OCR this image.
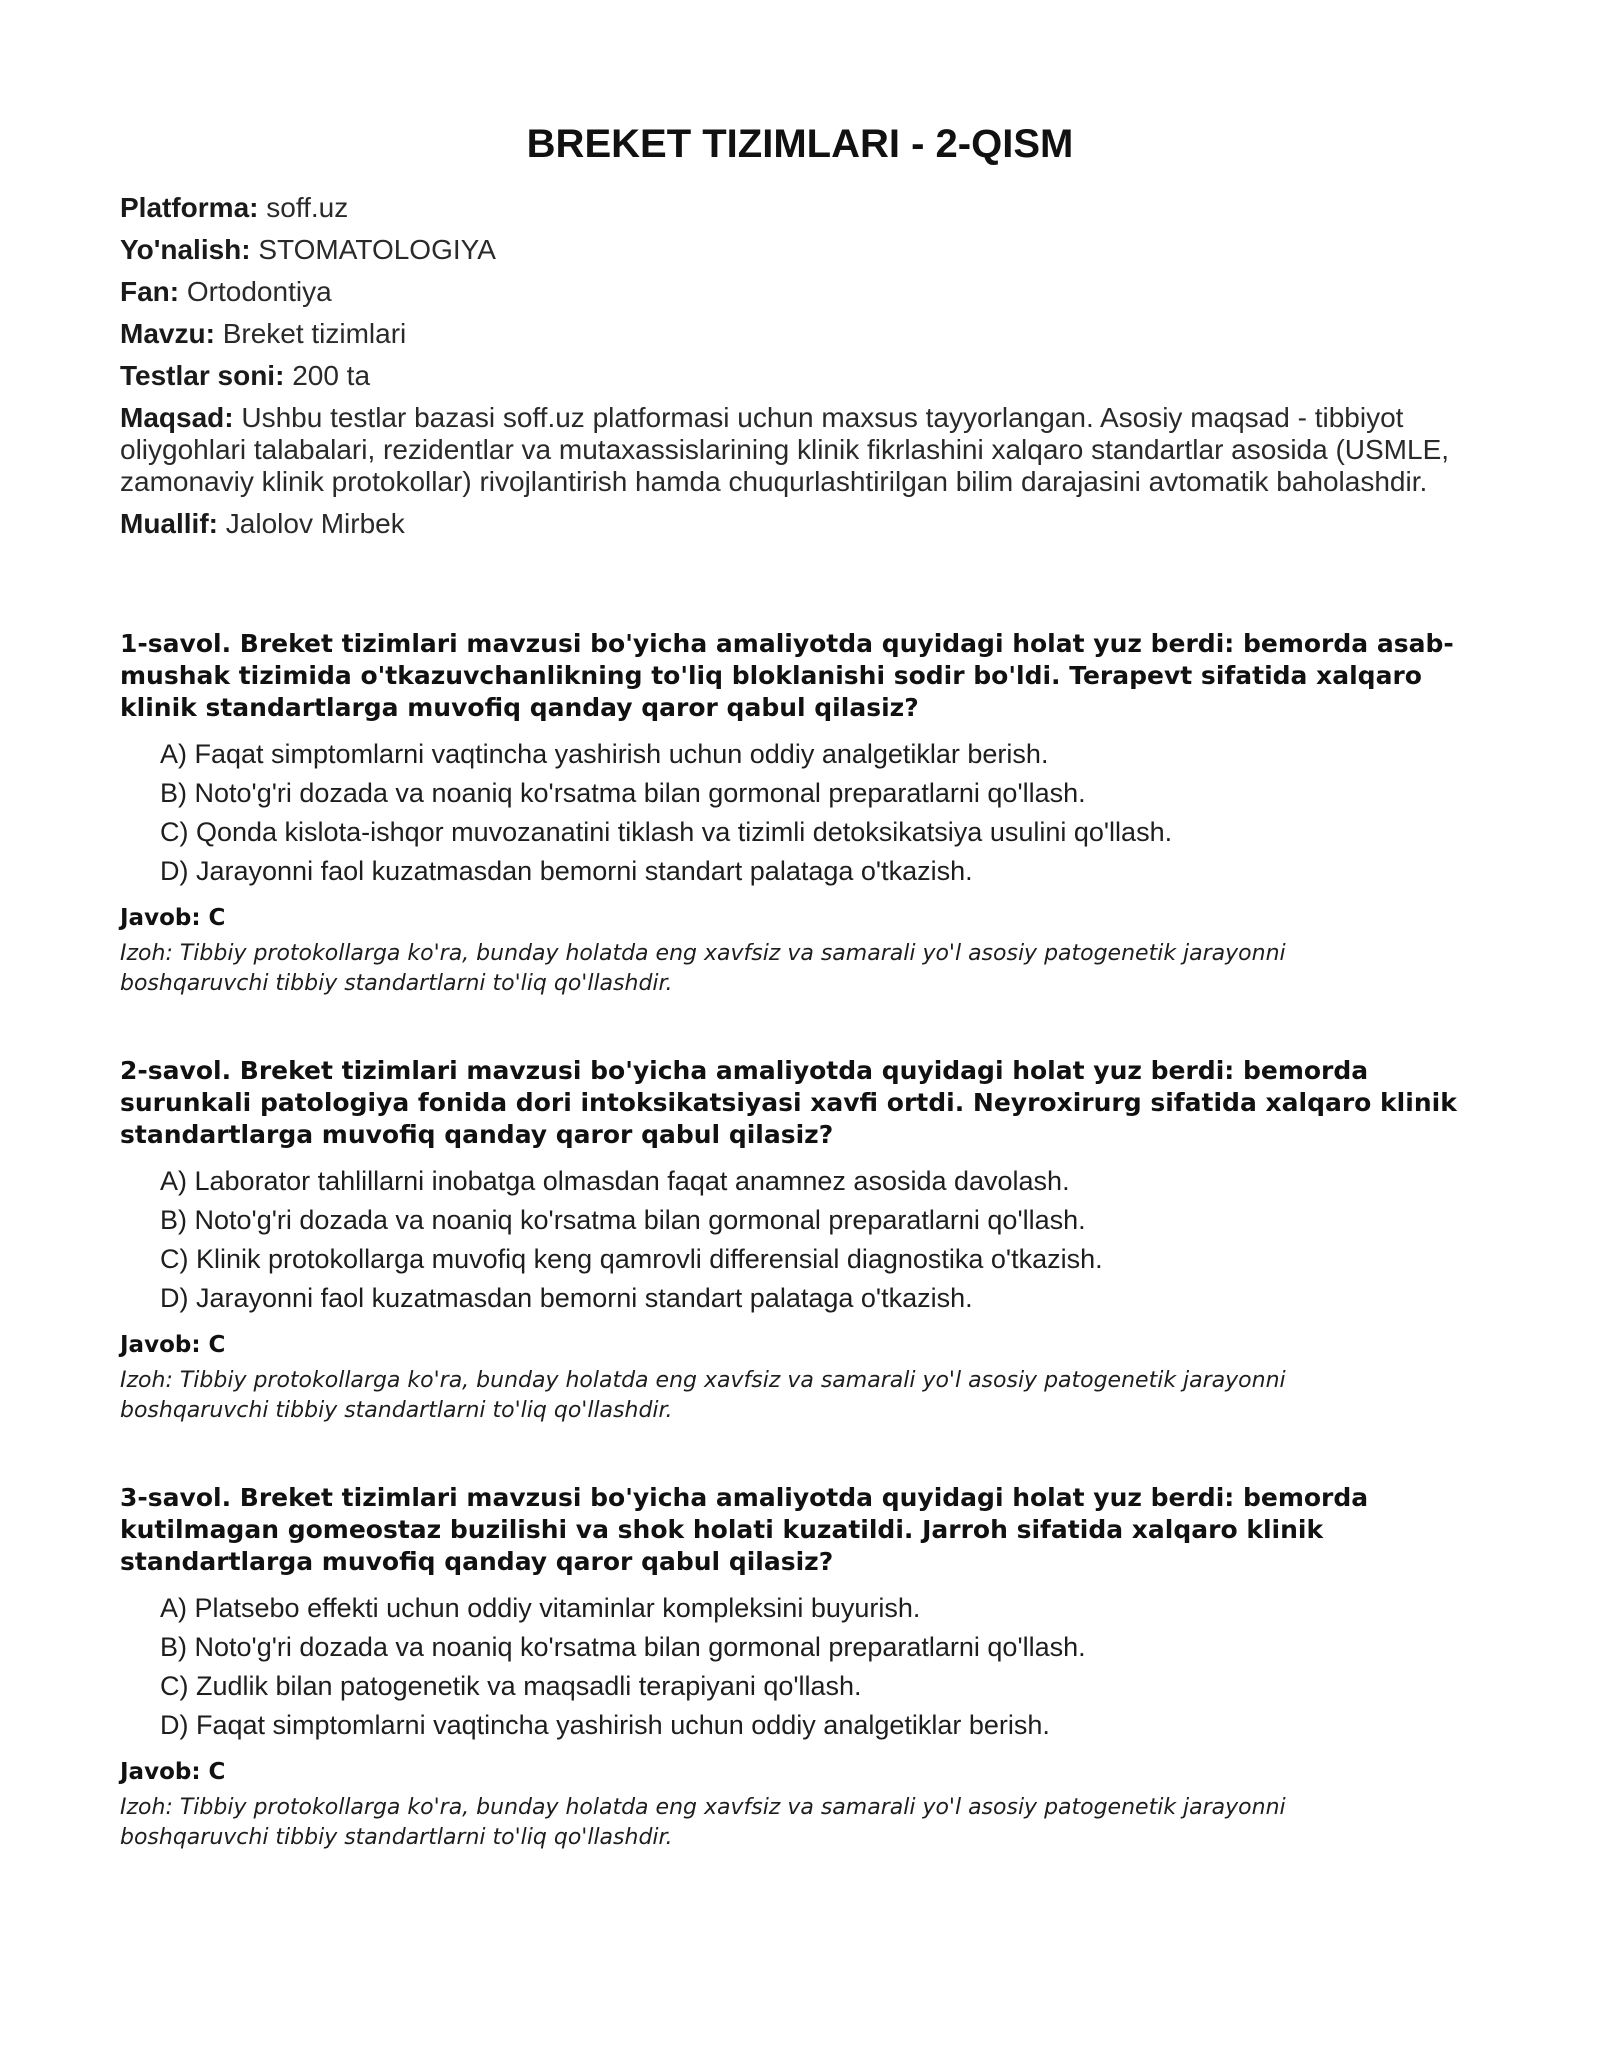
BREKET TIZIMLARI - 2-QISM

Platforma: soff.uz

Yo'nalish: STOMATOLOGIYA

Fan: Ortodontiya

Mavzu: Breket tizimlari

Testlar soni: 200 ta

Maqsad: Ushbu testlar bazasi soff.uz platformasi uchun maxsus tayyorlangan. Asosiy maqsad - tibbiyot oliygohlari talabalari, rezidentlar va mutaxassislarining klinik fikrlashini xalqaro standartlar asosida (USMLE, zamonaviy klinik protokollar) rivojlantirish hamda chuqurlashtirilgan bilim darajasini avtomatik baholashdir.

Muallif: Jalolov Mirbek

1-savol. Breket tizimlari mavzusi bo'yicha amaliyotda quyidagi holat yuz berdi: bemorda asab-mushak tizimida o'tkazuvchanlikning to'liq bloklanishi sodir bo'ldi. Terapevt sifatida xalqaro klinik standartlarga muvofiq qanday qaror qabul qilasiz?

A) Faqat simptomlarni vaqtincha yashirish uchun oddiy analgetiklar berish.
B) Noto'g'ri dozada va noaniq ko'rsatma bilan gormonal preparatlarni qo'llash.
C) Qonda kislota-ishqor muvozanatini tiklash va tizimli detoksikatsiya usulini qo'llash.
D) Jarayonni faol kuzatmasdan bemorni standart palataga o'tkazish.

Javob: C

Izoh: Tibbiy protokollarga ko'ra, bunday holatda eng xavfsiz va samarali yo'l asosiy patogenetik jarayonni boshqaruvchi tibbiy standartlarni to'liq qo'llashdir.

2-savol. Breket tizimlari mavzusi bo'yicha amaliyotda quyidagi holat yuz berdi: bemorda surunkali patologiya fonida dori intoksikatsiyasi xavfi ortdi. Neyroxirurg sifatida xalqaro klinik standartlarga muvofiq qanday qaror qabul qilasiz?

A) Laborator tahlillarni inobatga olmasdan faqat anamnez asosida davolash.
B) Noto'g'ri dozada va noaniq ko'rsatma bilan gormonal preparatlarni qo'llash.
C) Klinik protokollarga muvofiq keng qamrovli differensial diagnostika o'tkazish.
D) Jarayonni faol kuzatmasdan bemorni standart palataga o'tkazish.

Javob: C

Izoh: Tibbiy protokollarga ko'ra, bunday holatda eng xavfsiz va samarali yo'l asosiy patogenetik jarayonni boshqaruvchi tibbiy standartlarni to'liq qo'llashdir.

3-savol. Breket tizimlari mavzusi bo'yicha amaliyotda quyidagi holat yuz berdi: bemorda kutilmagan gomeostaz buzilishi va shok holati kuzatildi. Jarroh sifatida xalqaro klinik standartlarga muvofiq qanday qaror qabul qilasiz?

A) Platsebo effekti uchun oddiy vitaminlar kompleksini buyurish.
B) Noto'g'ri dozada va noaniq ko'rsatma bilan gormonal preparatlarni qo'llash.
C) Zudlik bilan patogenetik va maqsadli terapiyani qo'llash.
D) Faqat simptomlarni vaqtincha yashirish uchun oddiy analgetiklar berish.

Javob: C

Izoh: Tibbiy protokollarga ko'ra, bunday holatda eng xavfsiz va samarali yo'l asosiy patogenetik jarayonni boshqaruvchi tibbiy standartlarni to'liq qo'llashdir.
